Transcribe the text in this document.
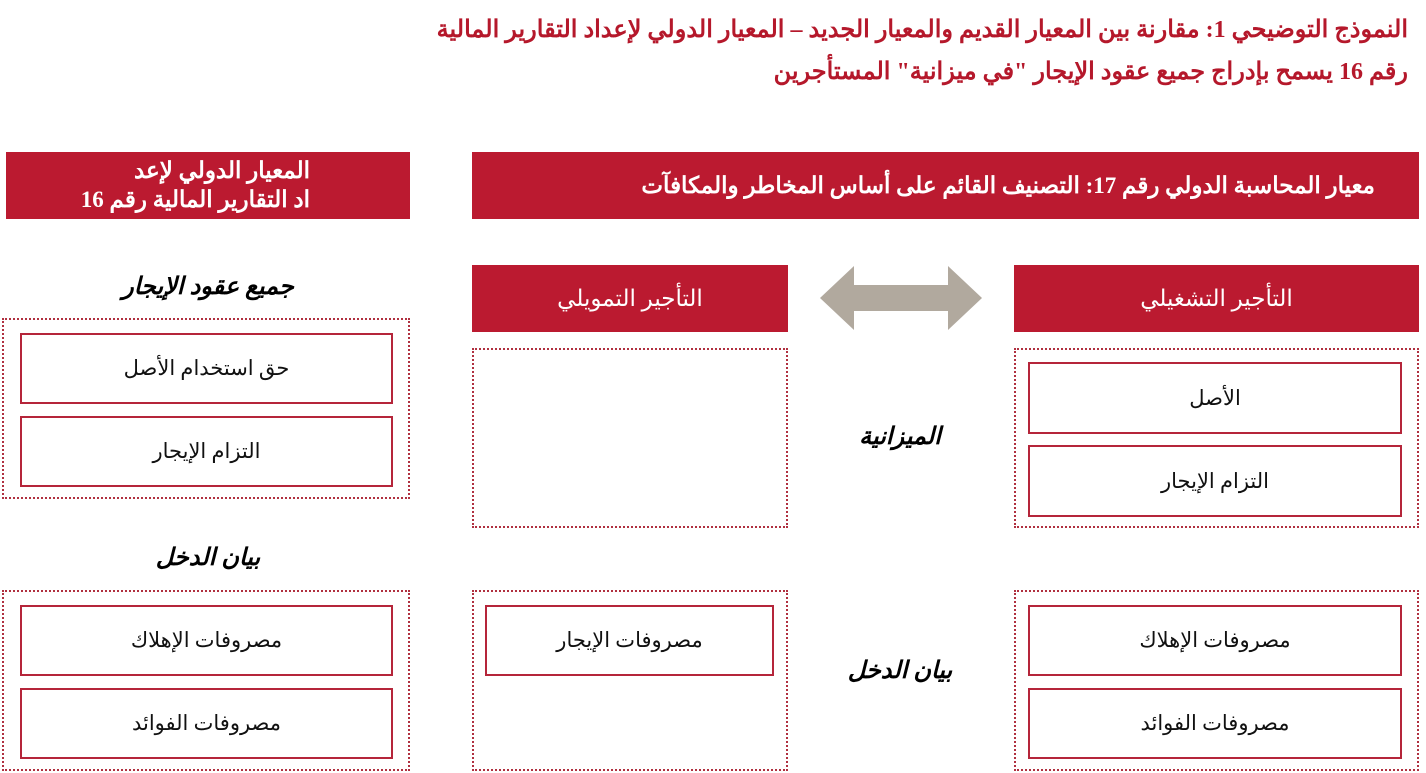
النموذج التوضيحي 1: مقارنة بين المعيار القديم والمعيار الجديد – المعيار الدولي لإعداد التقارير المالية
رقم 16 يسمح بإدراج جميع عقود الإيجار "في ميزانية" المستأجرين
المعيار الدولي لإعد
اد التقارير المالية رقم 16
معيار المحاسبة الدولي رقم 17: التصنيف القائم على أساس المخاطر والمكافآت
التأجير التمويلي	التأجير التشغيلي
جميع عقود الإيجار
حق استخدام الأصل
التزام الإيجار
بيان الدخل
مصروفات الإهلاك
مصروفات الفوائد
الميزانية
الأصل
التزام الإيجار
مصروفات الإيجار
بيان الدخل
مصروفات الإهلاك
مصروفات الفوائد
